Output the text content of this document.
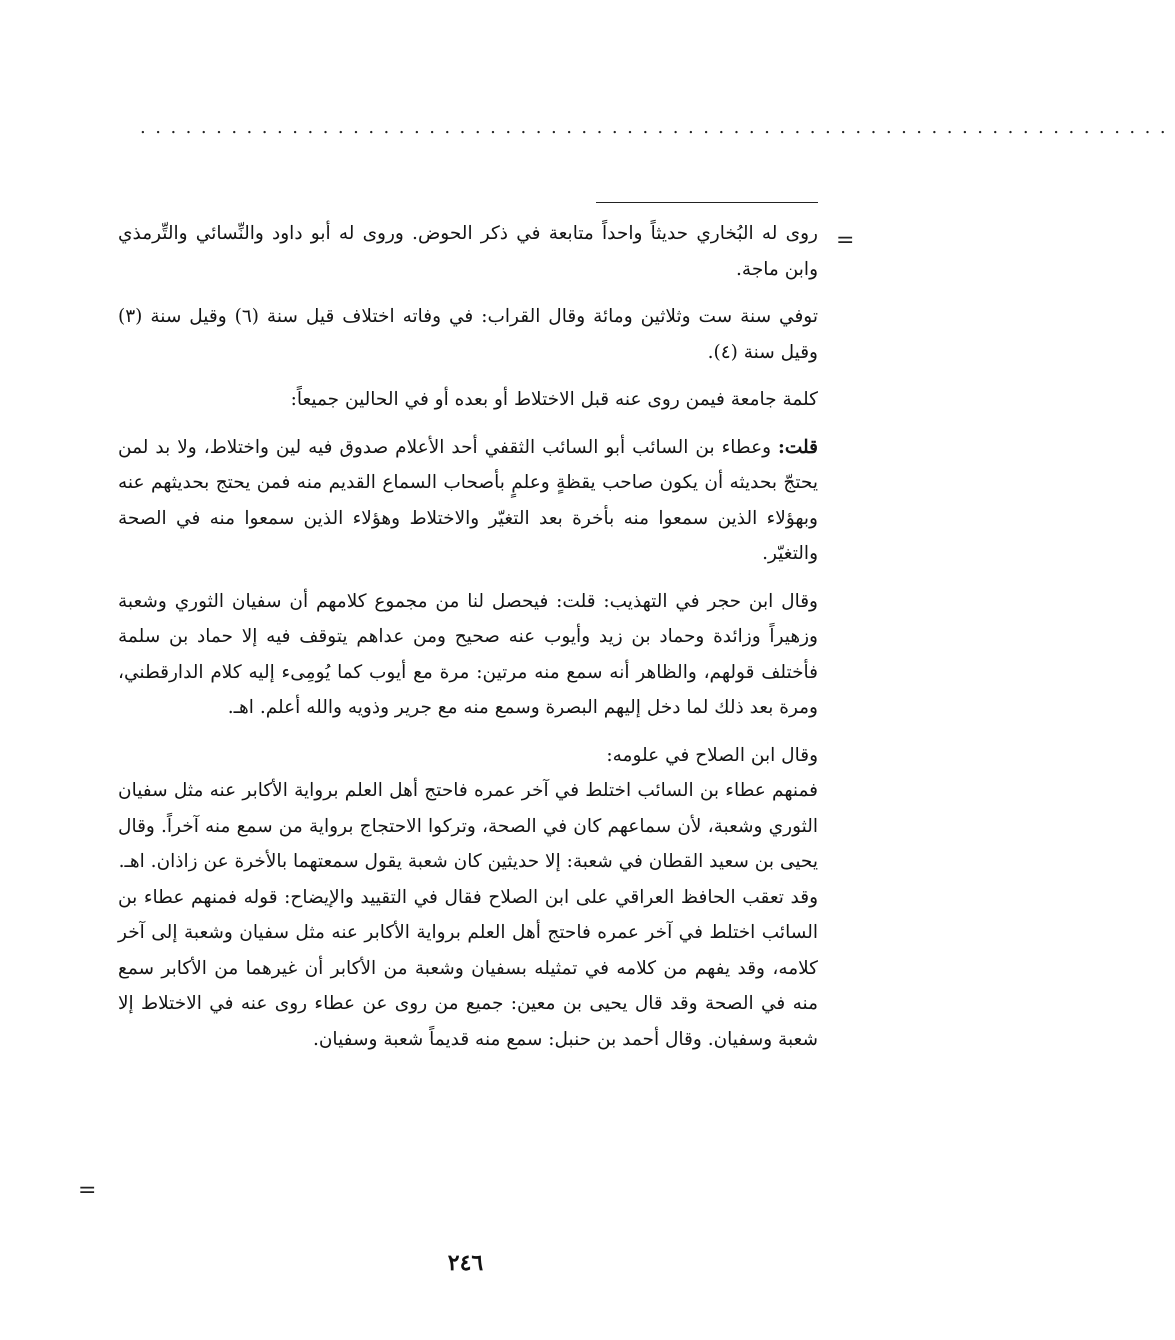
....................................................................
=
=

روى له البُخاري حديثاً واحداً متابعة في ذكر الحوض. وروى له أبو داود والنِّسائي والتِّرمذي وابن ماجة.

توفي سنة ست وثلاثين ومائة وقال القراب: في وفاته اختلاف قيل سنة (٦) وقيل سنة (٣) وقيل سنة (٤).

كلمة جامعة فيمن روى عنه قبل الاختلاط أو بعده أو في الحالين جميعاً:

قلت: وعطاء بن السائب أبو السائب الثقفي أحد الأعلام صدوق فيه لين واختلاط، ولا بد لمن يحتجّ بحديثه أن يكون صاحب يقظةٍ وعلمٍ بأصحاب السماع القديم منه فمن يحتج بحديثهم عنه وبهؤلاء الذين سمعوا منه بأخرة بعد التغيّر والاختلاط وهؤلاء الذين سمعوا منه في الصحة والتغيّر.

وقال ابن حجر في التهذيب: قلت: فيحصل لنا من مجموع كلامهم أن سفيان الثوري وشعبة وزهيراً وزائدة وحماد بن زيد وأيوب عنه صحيح ومن عداهم يتوقف فيه إلا حماد بن سلمة فأختلف قولهم، والظاهر أنه سمع منه مرتين: مرة مع أيوب كما يُومِىء إليه كلام الدارقطني، ومرة بعد ذلك لما دخل إليهم البصرة وسمع منه مع جرير وذويه والله أعلم. اهـ.

وقال ابن الصلاح في علومه:

فمنهم عطاء بن السائب اختلط في آخر عمره فاحتج أهل العلم برواية الأكابر عنه مثل سفيان الثوري وشعبة، لأن سماعهم كان في الصحة، وتركوا الاحتجاج برواية من سمع منه آخراً. وقال يحيى بن سعيد القطان في شعبة: إلا حديثين كان شعبة يقول سمعتهما بالأخرة عن زاذان. اهـ.

وقد تعقب الحافظ العراقي على ابن الصلاح فقال في التقييد والإيضاح: قوله فمنهم عطاء بن السائب اختلط في آخر عمره فاحتج أهل العلم برواية الأكابر عنه مثل سفيان وشعبة إلى آخر كلامه، وقد يفهم من كلامه في تمثيله بسفيان وشعبة من الأكابر أن غيرهما من الأكابر سمع منه في الصحة وقد قال يحيى بن معين: جميع من روى عن عطاء روى عنه في الاختلاط إلا شعبة وسفيان. وقال أحمد بن حنبل: سمع منه قديماً شعبة وسفيان.

٢٤٦
